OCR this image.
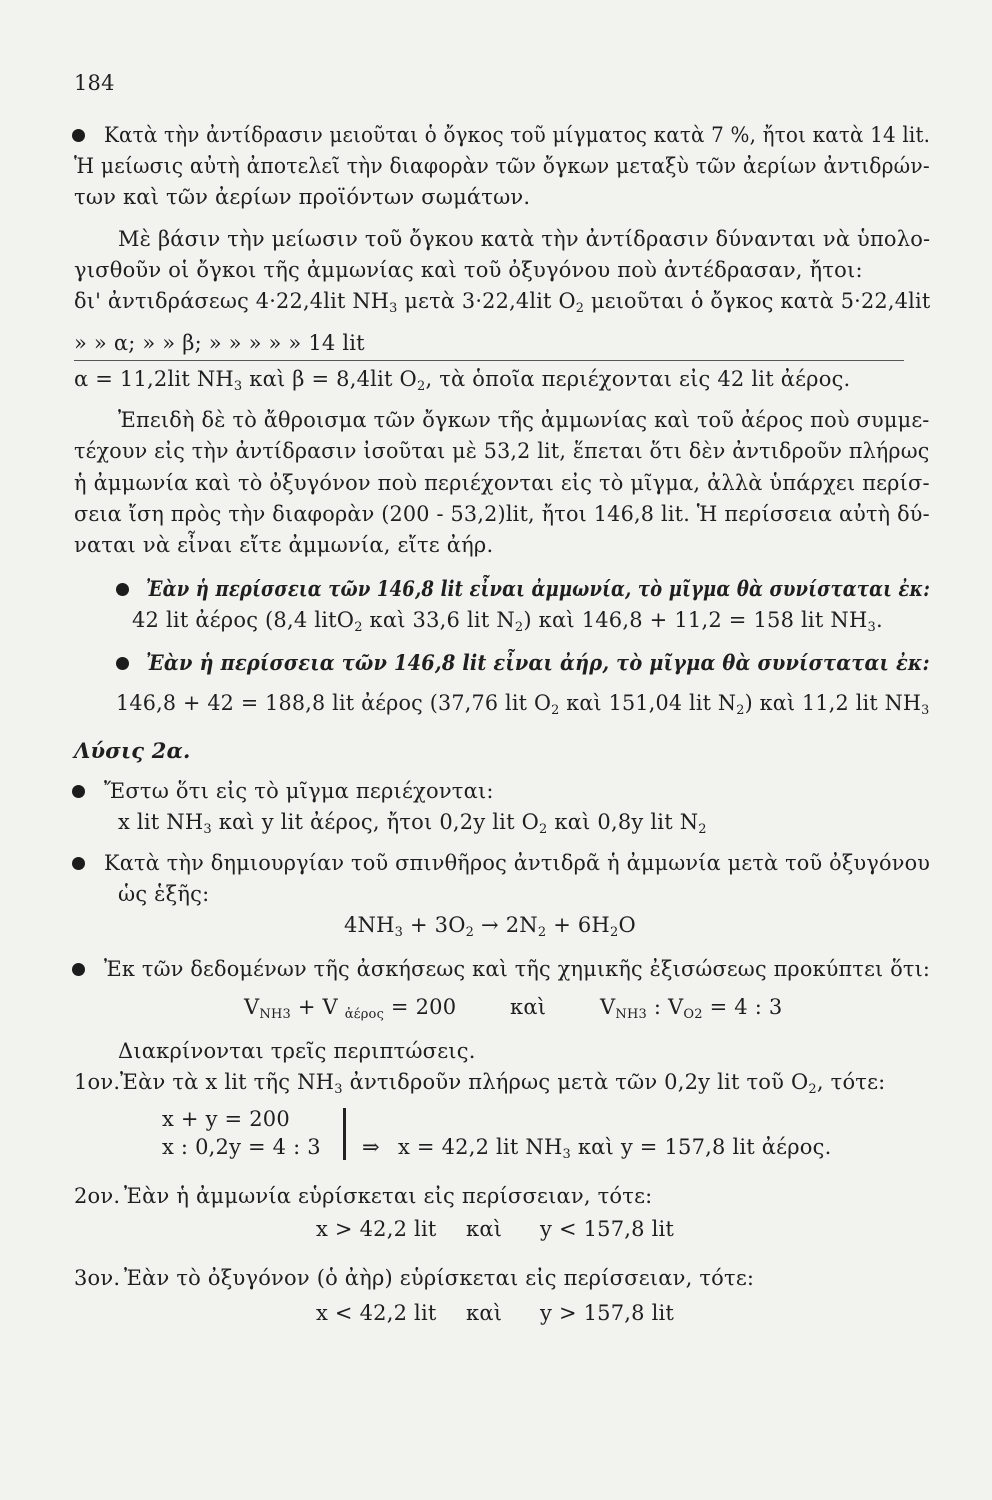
184
Κατὰ τὴν ἀντίδρασιν μειοῦται ὁ ὄγκος τοῦ μίγματος κατὰ 7 %, ἤτοι κατὰ 14 lit.
Ἡ μείωσις αὐτὴ ἀποτελεῖ τὴν διαφορὰν τῶν ὄγκων μεταξὺ τῶν ἀερίων ἀντιδρών-
των καὶ τῶν ἀερίων προϊόντων σωμάτων.
Μὲ βάσιν τὴν μείωσιν τοῦ ὄγκου κατὰ τὴν ἀντίδρασιν δύνανται νὰ ὑπολο-
γισθοῦν οἱ ὄγκοι τῆς ἀμμωνίας καὶ τοῦ ὀξυγόνου ποὺ ἀντέδρασαν, ἤτοι:
δι' ἀντιδράσεως 4·22,4lit $NH_3$ μετὰ 3·22,4lit $O_2$ μειοῦται ὁ ὄγκος κατὰ 5·22,4lit
» » α; » » β; » » » » » 14 lit
α = 11,2lit $NH_3$ καὶ β = 8,4lit $O_2$, τὰ ὁποῖα περιέχονται εἰς 42 lit ἀέρος.
Ἐπειδὴ δὲ τὸ ἄθροισμα τῶν ὄγκων τῆς ἀμμωνίας καὶ τοῦ ἀέρος ποὺ συμμε-
τέχουν εἰς τὴν ἀντίδρασιν ἰσοῦται μὲ 53,2 lit, ἕπεται ὅτι δὲν ἀντιδροῦν πλήρως
ἡ ἀμμωνία καὶ τὸ ὀξυγόνον ποὺ περιέχονται εἰς τὸ μῖγμα, ἀλλὰ ὑπάρχει περίσ-
σεια ἴση πρὸς τὴν διαφορὰν (200 - 53,2)lit, ἤτοι 146,8 lit. Ἡ περίσσεια αὐτὴ δύ-
ναται νὰ εἶναι εἴτε ἀμμωνία, εἴτε ἀήρ.
Ἐὰν ἡ περίσσεια τῶν 146,8 lit εἶναι ἀμμωνία, τὸ μῖγμα θὰ συνίσταται ἐκ:
42 lit ἀέρος (8,4 litO$_2$ καὶ 33,6 lit $N_2$) καὶ 146,8 + 11,2 = 158 lit $NH_3$.
Ἐὰν ἡ περίσσεια τῶν 146,8 lit εἶναι ἀήρ, τὸ μῖγμα θὰ συνίσταται ἐκ:
146,8 + 42 = 188,8 lit ἀέρος (37,76 lit $O_2$ καὶ 151,04 lit $N_2$) καὶ 11,2 lit $NH_3$
Λύσις 2α.
Ἔστω ὅτι εἰς τὸ μῖγμα περιέχονται:
x lit $NH_3$ καὶ y lit ἀέρος, ἤτοι 0,2y lit $O_2$ καὶ 0,8y lit $N_2$
Κατὰ τὴν δημιουργίαν τοῦ σπινθῆρος ἀντιδρᾶ ἡ ἀμμωνία μετὰ τοῦ ὀξυγόνου
ὡς ἑξῆς:
$4NH_3 + 3O_2 \to 2N_2 + 6H_2O$
Ἐκ τῶν δεδομένων τῆς ἀσκήσεως καὶ τῆς χημικῆς ἐξισώσεως προκύπτει ὅτι:
$V_{NH3} + V$ $_{ἀέ\rho o\varsigma}$ = 200	καὶ	$V_{NH3}$ : $V_{O2} = 4$ : 3
Διακρίνονται τρεῖς περιπτώσεις.
1ον. Ἐὰν τὰ x lit τῆς $NH_3$ ἀντιδροῦν πλήρως μετὰ τῶν 0,2y lit τοῦ $O_2$, τότε:
x + y = 200
x : 0,2y = 4 : 3 ⇒ x = 42,2 lit $NH_3$ καὶ y = 157,8 lit ἀέρος.
2ον. Ἐὰν ἡ ἀμμωνία εὑρίσκεται εἰς περίσσειαν, τότε:
x > 42,2 lit καὶ y < 157,8 lit
3ον. Ἐὰν τὸ ὀξυγόνον (ὁ ἀὴρ) εὑρίσκεται εἰς περίσσειαν, τότε:
x < 42,2 lit καὶ y > 157,8 lit
